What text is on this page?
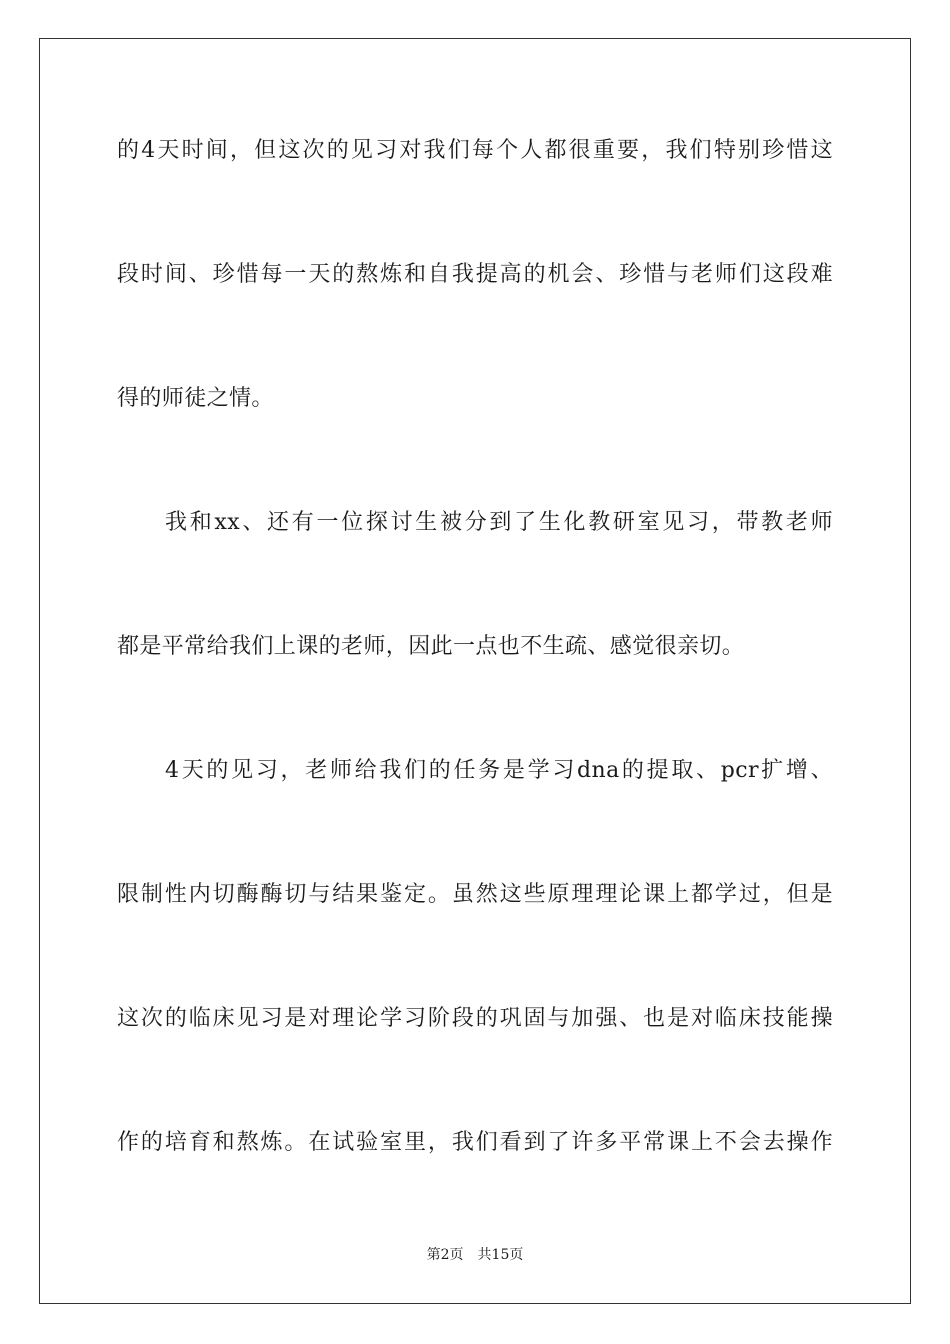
的4天时间，但这次的见习对我们每个人都很重要，我们特别珍惜这
段时间、珍惜每一天的熬炼和自我提高的机会、珍惜与老师们这段难
得的师徒之情。
我和xx、还有一位探讨生被分到了生化教研室见习，带教老师
都是平常给我们上课的老师，因此一点也不生疏、感觉很亲切。
4天的见习，老师给我们的任务是学习dna的提取、pcr扩增、
限制性内切酶酶切与结果鉴定。虽然这些原理理论课上都学过，但是
这次的临床见习是对理论学习阶段的巩固与加强、也是对临床技能操
作的培育和熬炼。在试验室里，我们看到了许多平常课上不会去操作
第2页 共15页
